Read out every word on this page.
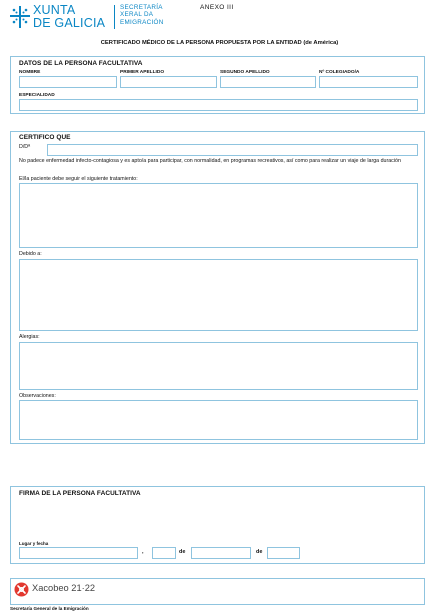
XUNTA
DE GALICIA
SECRETARÍA
XERAL DA
EMIGRACIÓN
ANEXO III
CERTIFICADO MÉDICO DE LA PERSONA PROPUESTA POR LA ENTIDAD (de América)
DATOS DE LA PERSONA FACULTATIVA
NOMBRE	PRIMER APELLIDO	SEGUNDO APELLIDO	Nº COLEGIADO/A
ESPECIALIDAD
CERTIFICO QUE
D/Dª
No padece enfermedad infecto-contagiosa y es apto/a para participar, con normalidad, en programas recreativos, así como para realizar un viaje de larga duración
El/la paciente debe seguir el siguiente tratamiento:
Debido a:
Alergias:
Observaciones:
FIRMA DE LA PERSONA FACULTATIVA
Lugar y fecha
,	de	de
Xacobeo 21·22
Secretaría General de la Emigración
